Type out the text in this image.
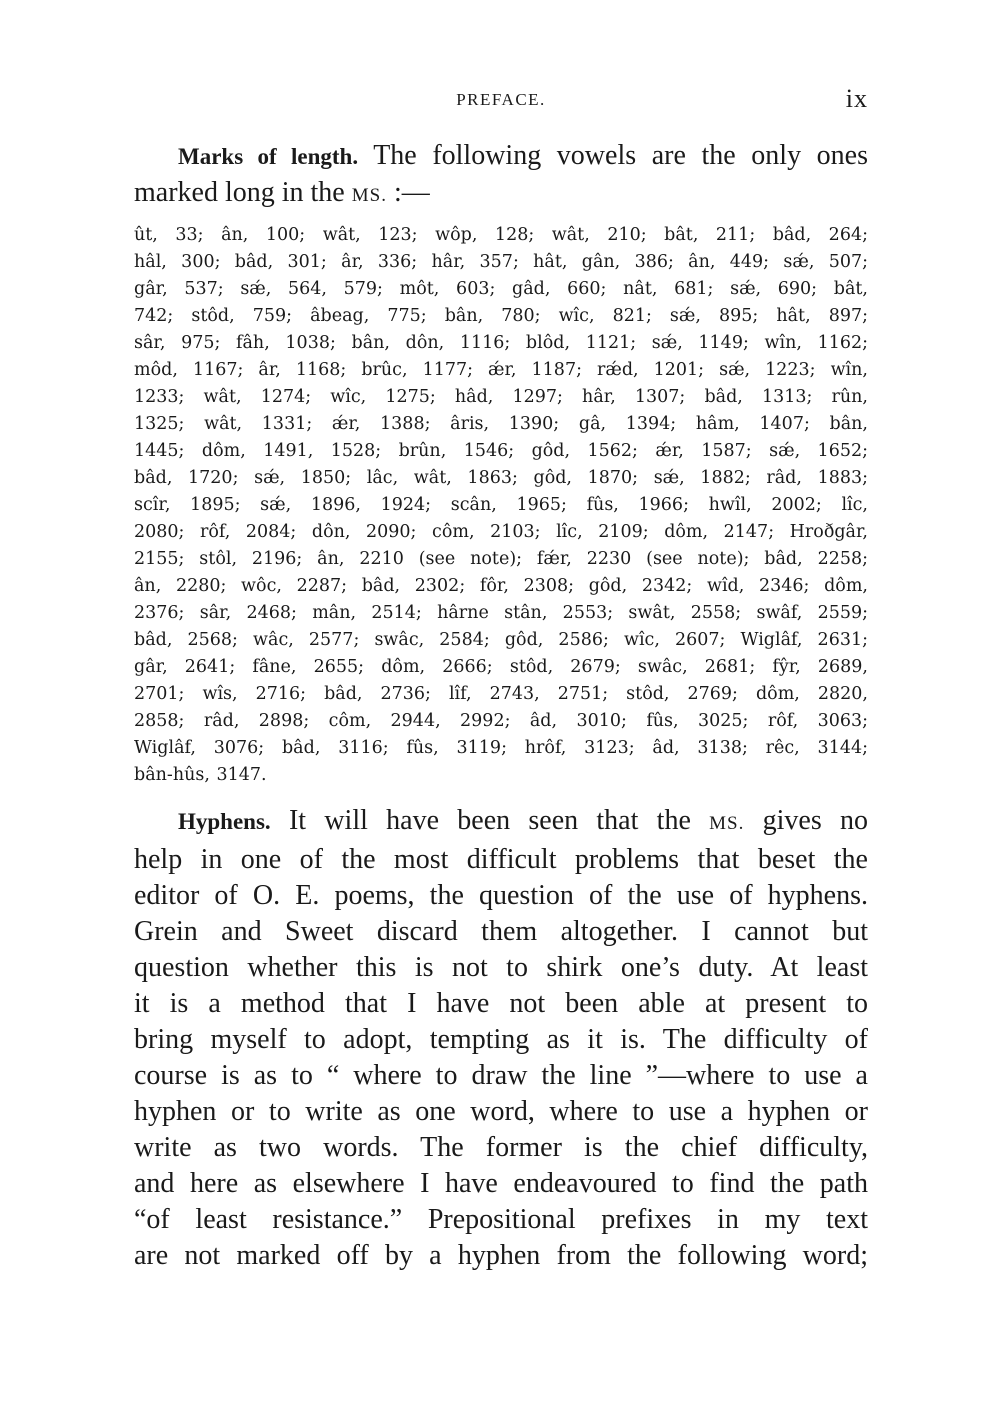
PREFACE.	ix

Marks of length. The following vowels are the only ones marked long in the MS. :—

ût, 33; ân, 100; wât, 123; wôp, 128; wât, 210; bât, 211; bâd, 264;
hâl, 300; bâd, 301; âr, 336; hâr, 357; hât, gân, 386; ân, 449; sǽ, 507;
gâr, 537; sǽ, 564, 579; môt, 603; gâd, 660; nât, 681; sǽ, 690; bât,
742; stôd, 759; âbeag, 775; bân, 780; wîc, 821; sǽ, 895; hât, 897;
sâr, 975; fâh, 1038; bân, dôn, 1116; blôd, 1121; sǽ, 1149; wîn, 1162;
môd, 1167; âr, 1168; brûc, 1177; ǽr, 1187; rǽd, 1201; sǽ, 1223; wîn,
1233; wât, 1274; wîc, 1275; hâd, 1297; hâr, 1307; bâd, 1313; rûn,
1325; wât, 1331; ǽr, 1388; âris, 1390; gâ, 1394; hâm, 1407; bân,
1445; dôm, 1491, 1528; brûn, 1546; gôd, 1562; ǽr, 1587; sǽ, 1652;
bâd, 1720; sǽ, 1850; lâc, wât, 1863; gôd, 1870; sǽ, 1882; râd, 1883;
scîr, 1895; sǽ, 1896, 1924; scân, 1965; fûs, 1966; hwîl, 2002; lîc,
2080; rôf, 2084; dôn, 2090; côm, 2103; lîc, 2109; dôm, 2147; Hroðgâr,
2155; stôl, 2196; ân, 2210 (see note); fǽr, 2230 (see note); bâd, 2258;
ân, 2280; wôc, 2287; bâd, 2302; fôr, 2308; gôd, 2342; wîd, 2346; dôm,
2376; sâr, 2468; mân, 2514; hârne stân, 2553; swât, 2558; swâf, 2559;
bâd, 2568; wâc, 2577; swâc, 2584; gôd, 2586; wîc, 2607; Wiglâf, 2631;
gâr, 2641; fâne, 2655; dôm, 2666; stôd, 2679; swâc, 2681; fŷr, 2689,
2701; wîs, 2716; bâd, 2736; lîf, 2743, 2751; stôd, 2769; dôm, 2820,
2858; râd, 2898; côm, 2944, 2992; âd, 3010; fûs, 3025; rôf, 3063;
Wiglâf, 3076; bâd, 3116; fûs, 3119; hrôf, 3123; âd, 3138; rêc, 3144;
bân-hûs, 3147.
Hyphens. It will have been seen that the MS. gives no
help in one of the most difficult problems that beset the
editor of O. E. poems, the question of the use of hyphens.
Grein and Sweet discard them altogether. I cannot but
question whether this is not to shirk one’s duty. At least
it is a method that I have not been able at present to
bring myself to adopt, tempting as it is. The difficulty of
course is as to “ where to draw the line ”—where to use a
hyphen or to write as one word, where to use a hyphen or
write as two words. The former is the chief difficulty,
and here as elsewhere I have endeavoured to find the path
“of least resistance.” Prepositional prefixes in my text
are not marked off by a hyphen from the following word;
